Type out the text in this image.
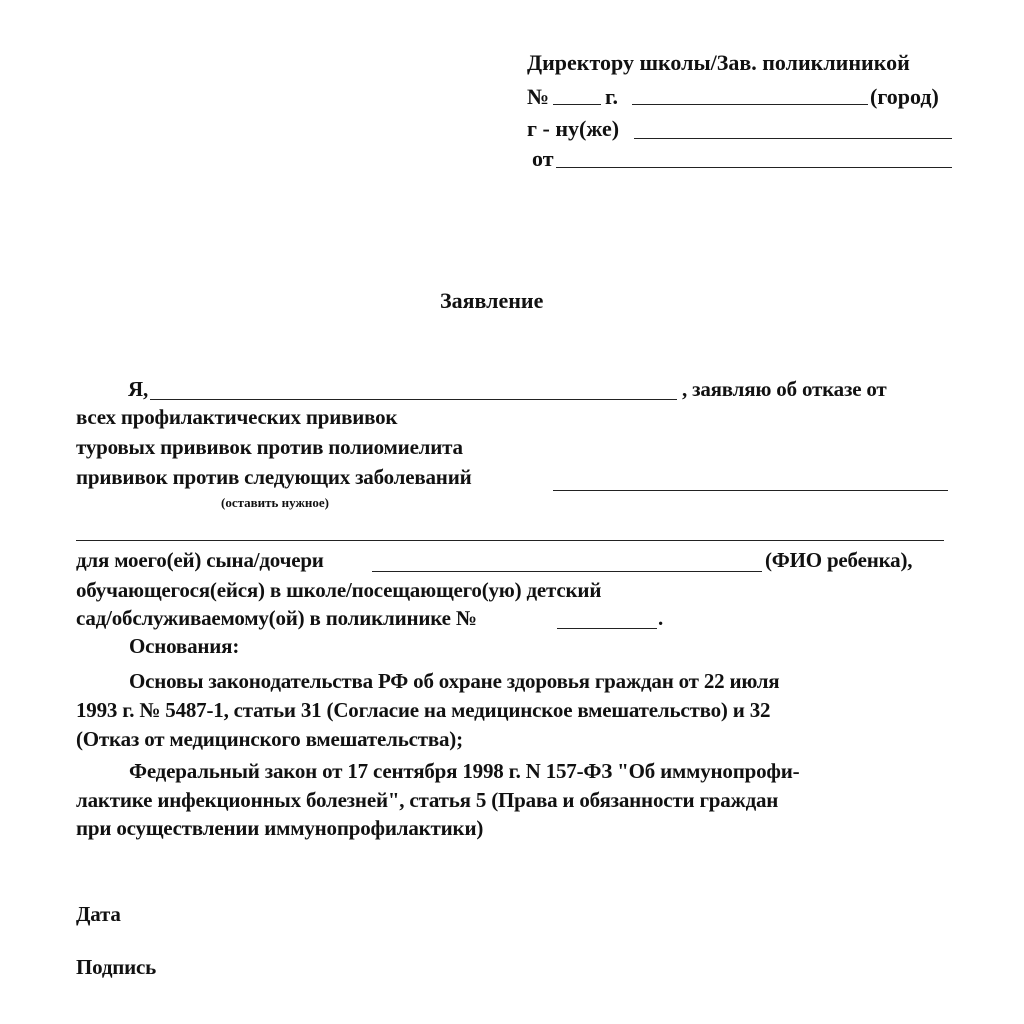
Директору школы/Зав. поликлиникой
№	г.	(город)
г - ну(же)
от
Заявление
Я,	, заявляю об отказе от
всех профилактических прививок
туровых прививок против полиомиелита
прививок против следующих заболеваний
(оставить нужное)
для моего(ей) сына/дочери	(ФИО ребенка),
обучающегося(ейся) в школе/посещающего(ую) детский
сад/обслуживаемому(ой) в поликлинике №	.
Основания:
Основы законодательства РФ об охране здоровья граждан от 22 июля
1993 г. № 5487-1, статьи 31 (Согласие на медицинское вмешательство) и 32
(Отказ от медицинского вмешательства);
Федеральный закон от 17 сентября 1998 г. N 157-ФЗ "Об иммунопрофи-
лактике инфекционных болезней", статья 5 (Права и обязанности граждан
при осуществлении иммунопрофилактики)
Дата
Подпись
